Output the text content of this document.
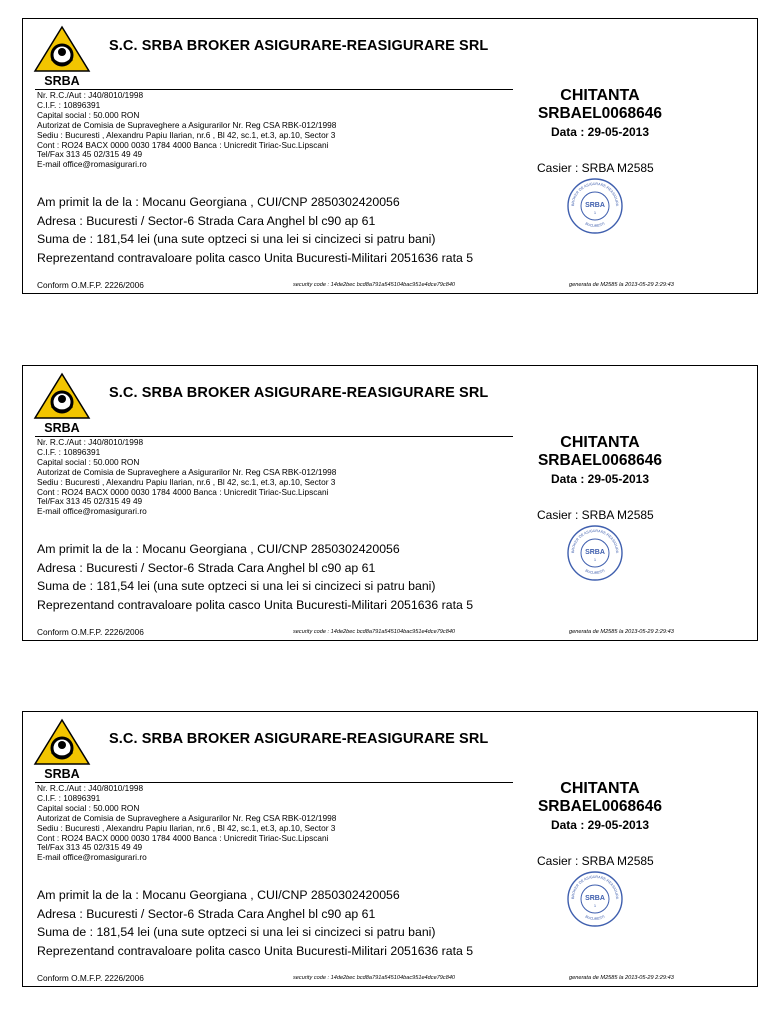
SRBA
S.C. SRBA BROKER ASIGURARE-REASIGURARE SRL
Nr. R.C./Aut : J40/8010/1998
C.I.F. : 10896391
Capital social : 50.000 RON
Autorizat de Comisia de Supraveghere a Asigurarilor Nr. Reg CSA RBK-012/1998
Sediu : Bucuresti , Alexandru Papiu Ilarian, nr.6 , Bl 42, sc.1, et.3, ap.10, Sector 3
Cont : RO24 BACX 0000 0030 1784 4000 Banca : Unicredit Tiriac-Suc.Lipscani
Tel/Fax 313 45 02/315 49 49
E-mail office@romasigurari.ro
CHITANTA
SRBAEL0068646
Data : 29-05-2013
Casier : SRBA M2585
BROKER DE ASIGURARE-REASIGURA
BUCURESTI
SRBA
1
Am primit la de la : Mocanu Georgiana , CUI/CNP 2850302420056
Adresa : Bucuresti / Sector-6 Strada Cara Anghel bl c90 ap 61
Suma de : 181,54 lei (una sute optzeci si una lei si cincizeci si patru bani)
Reprezentand contravaloare polita casco Unita Bucuresti-Militari 2051636 rata 5
Conform O.M.F.P. 2226/2006	security code : 14de2bec bcd8a791a545104bac951e4dce79c840	generata de M2585 la 2013-05-29 2:29:43
SRBA
S.C. SRBA BROKER ASIGURARE-REASIGURARE SRL
Nr. R.C./Aut : J40/8010/1998
C.I.F. : 10896391
Capital social : 50.000 RON
Autorizat de Comisia de Supraveghere a Asigurarilor Nr. Reg CSA RBK-012/1998
Sediu : Bucuresti , Alexandru Papiu Ilarian, nr.6 , Bl 42, sc.1, et.3, ap.10, Sector 3
Cont : RO24 BACX 0000 0030 1784 4000 Banca : Unicredit Tiriac-Suc.Lipscani
Tel/Fax 313 45 02/315 49 49
E-mail office@romasigurari.ro
CHITANTA
SRBAEL0068646
Data : 29-05-2013
Casier : SRBA M2585
BROKER DE ASIGURARE-REASIGURA
BUCURESTI
SRBA
1
Am primit la de la : Mocanu Georgiana , CUI/CNP 2850302420056
Adresa : Bucuresti / Sector-6 Strada Cara Anghel bl c90 ap 61
Suma de : 181,54 lei (una sute optzeci si una lei si cincizeci si patru bani)
Reprezentand contravaloare polita casco Unita Bucuresti-Militari 2051636 rata 5
Conform O.M.F.P. 2226/2006	security code : 14de2bec bcd8a791a545104bac951e4dce79c840	generata de M2585 la 2013-05-29 2:29:43
SRBA
S.C. SRBA BROKER ASIGURARE-REASIGURARE SRL
Nr. R.C./Aut : J40/8010/1998
C.I.F. : 10896391
Capital social : 50.000 RON
Autorizat de Comisia de Supraveghere a Asigurarilor Nr. Reg CSA RBK-012/1998
Sediu : Bucuresti , Alexandru Papiu Ilarian, nr.6 , Bl 42, sc.1, et.3, ap.10, Sector 3
Cont : RO24 BACX 0000 0030 1784 4000 Banca : Unicredit Tiriac-Suc.Lipscani
Tel/Fax 313 45 02/315 49 49
E-mail office@romasigurari.ro
CHITANTA
SRBAEL0068646
Data : 29-05-2013
Casier : SRBA M2585
BROKER DE ASIGURARE-REASIGURA
BUCURESTI
SRBA
1
Am primit la de la : Mocanu Georgiana , CUI/CNP 2850302420056
Adresa : Bucuresti / Sector-6 Strada Cara Anghel bl c90 ap 61
Suma de : 181,54 lei (una sute optzeci si una lei si cincizeci si patru bani)
Reprezentand contravaloare polita casco Unita Bucuresti-Militari 2051636 rata 5
Conform O.M.F.P. 2226/2006	security code : 14de2bec bcd8a791a545104bac951e4dce79c840	generata de M2585 la 2013-05-29 2:29:43
